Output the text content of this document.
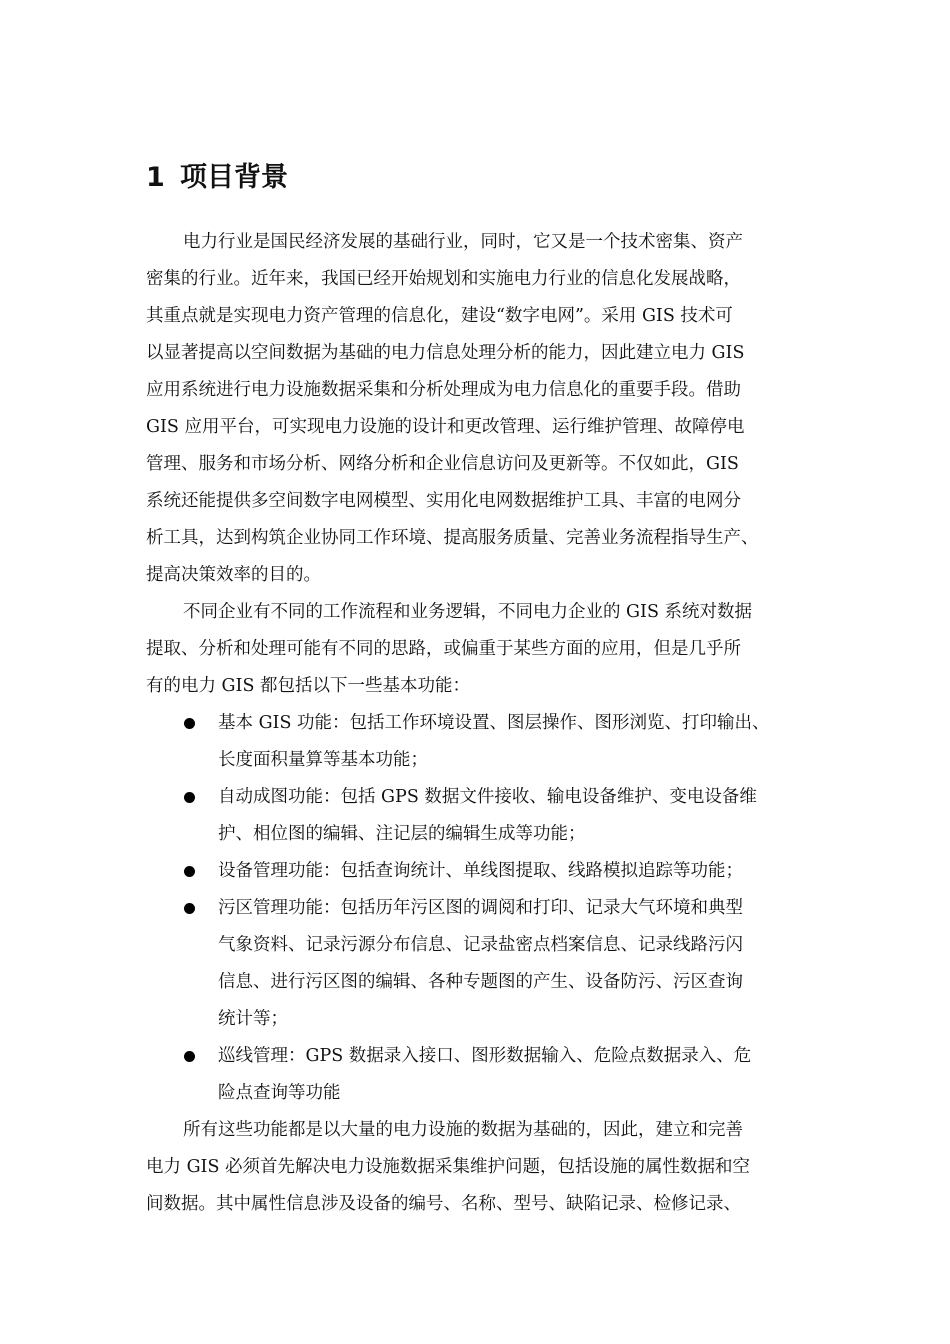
1 项目背景
电力行业是国民经济发展的基础行业，同时，它又是一个技术密集、资产
密集的行业。近年来，我国已经开始规划和实施电力行业的信息化发展战略，
其重点就是实现电力资产管理的信息化，建设“数字电网”。采用 GIS 技术可
以显著提高以空间数据为基础的电力信息处理分析的能力，因此建立电力 GIS
应用系统进行电力设施数据采集和分析处理成为电力信息化的重要手段。借助
GIS 应用平台，可实现电力设施的设计和更改管理、运行维护管理、故障停电
管理、服务和市场分析、网络分析和企业信息访问及更新等。不仅如此，GIS
系统还能提供多空间数字电网模型、实用化电网数据维护工具、丰富的电网分
析工具，达到构筑企业协同工作环境、提高服务质量、完善业务流程指导生产、
提高决策效率的目的。
不同企业有不同的工作流程和业务逻辑，不同电力企业的 GIS 系统对数据
提取、分析和处理可能有不同的思路，或偏重于某些方面的应用，但是几乎所
有的电力 GIS 都包括以下一些基本功能：
基本 GIS 功能：包括工作环境设置、图层操作、图形浏览、打印输出、
长度面积量算等基本功能；
自动成图功能：包括 GPS 数据文件接收、输电设备维护、变电设备维
护、相位图的编辑、注记层的编辑生成等功能；
设备管理功能：包括查询统计、单线图提取、线路模拟追踪等功能；
污区管理功能：包括历年污区图的调阅和打印、记录大气环境和典型
气象资料、记录污源分布信息、记录盐密点档案信息、记录线路污闪
信息、进行污区图的编辑、各种专题图的产生、设备防污、污区查询
统计等；
巡线管理：GPS 数据录入接口、图形数据输入、危险点数据录入、危
险点查询等功能
所有这些功能都是以大量的电力设施的数据为基础的，因此，建立和完善
电力 GIS 必须首先解决电力设施数据采集维护问题，包括设施的属性数据和空
间数据。其中属性信息涉及设备的编号、名称、型号、缺陷记录、检修记录、
